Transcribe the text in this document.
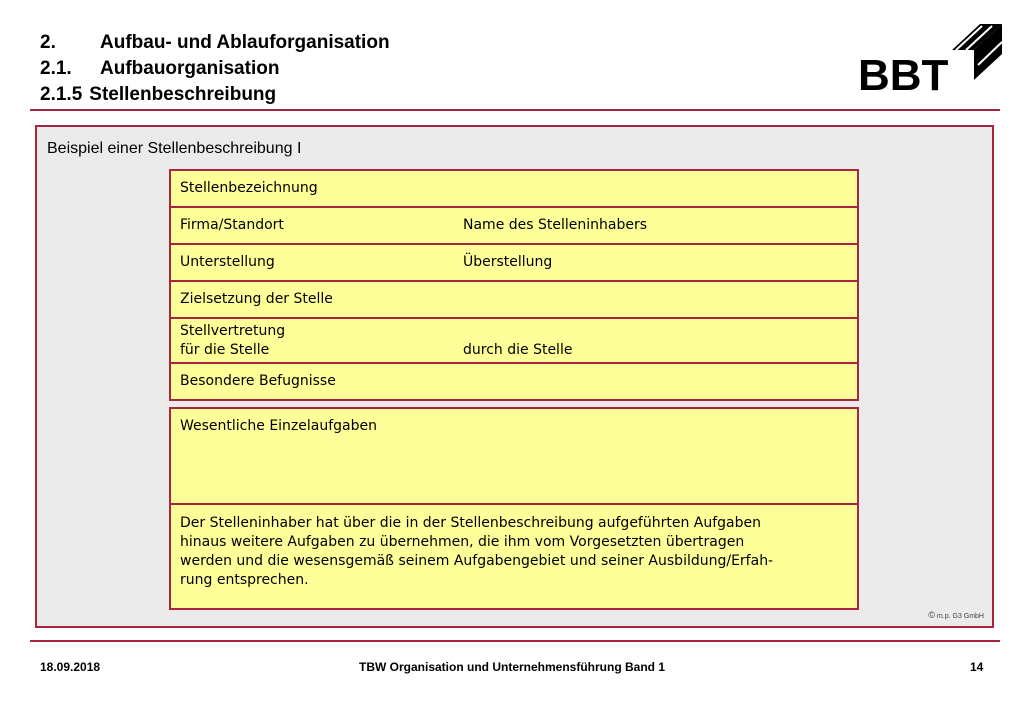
2. Aufbau- und Ablauforganisation
2.1. Aufbauorganisation
2.1.5 Stellenbeschreibung	BBT
Beispiel einer Stellenbeschreibung I
Stellenbezeichnung
Firma/Standort	Name des Stelleninhabers
Unterstellung	Überstellung
Zielsetzung der Stelle
Stellvertretung
für die Stelle	durch die Stelle
Besondere Befugnisse
Wesentliche Einzelaufgaben
Der Stelleninhaber hat über die in der Stellenbeschreibung aufgeführten Aufgaben
hinaus weitere Aufgaben zu übernehmen, die ihm vom Vorgesetzten übertragen
werden und die wesensgemäß seinem Aufgabengebiet und seiner Ausbildung/Erfah-
rung entsprechen.
© m.p. G3 GmbH
18.09.2018	TBW Organisation und Unternehmensführung Band 1	14
